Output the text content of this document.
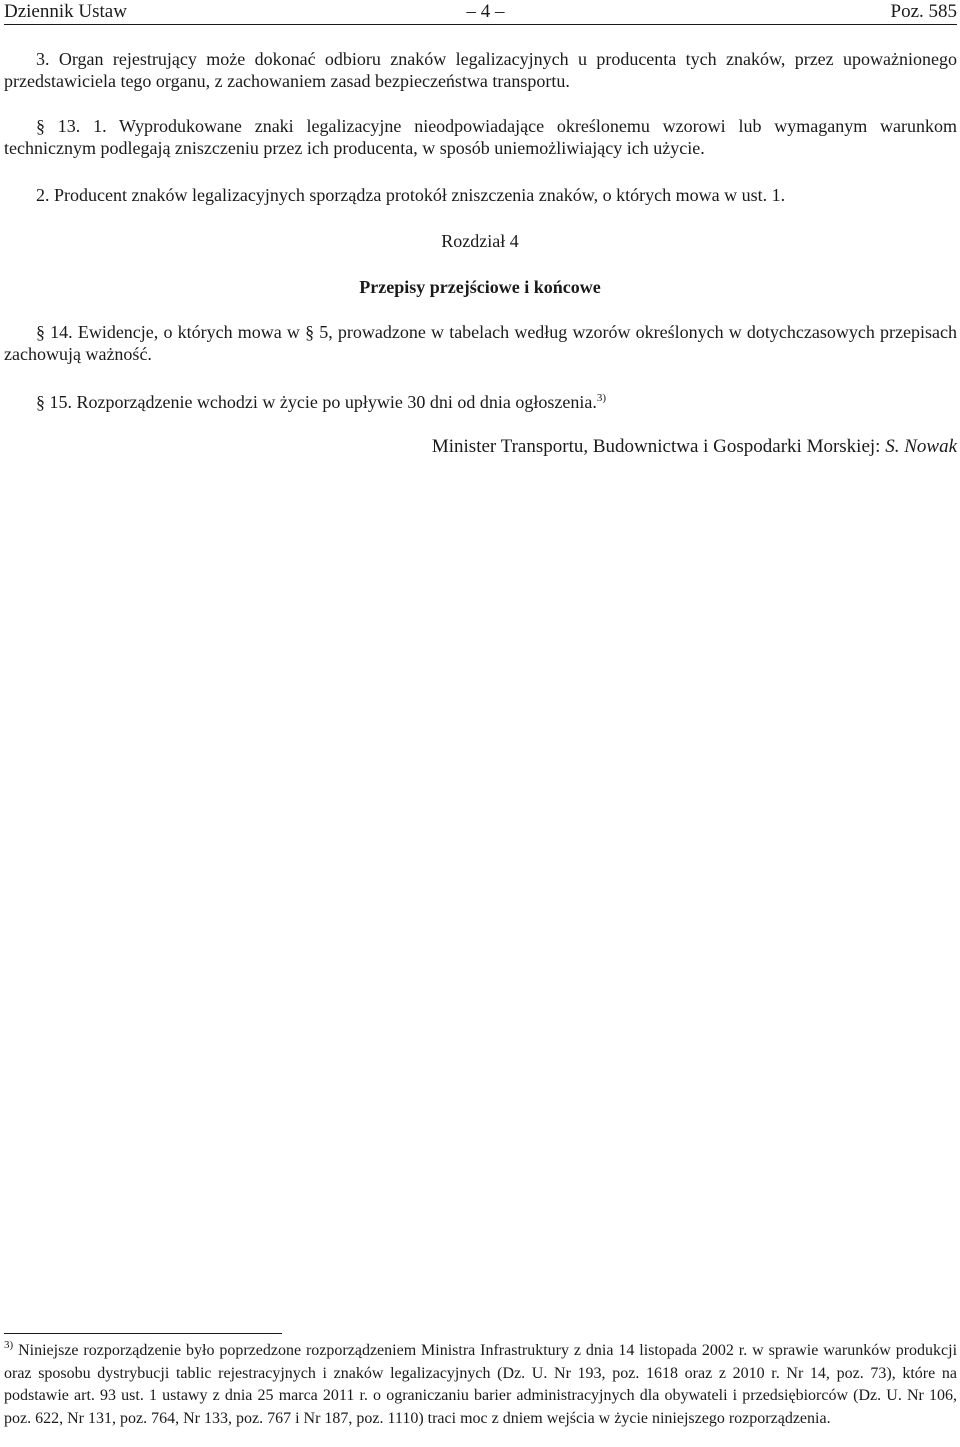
Dziennik Ustaw	– 4 –	Poz. 585

3. Organ rejestrujący może dokonać odbioru znaków legalizacyjnych u producenta tych znaków, przez upoważnionego przedstawiciela tego organu, z zachowaniem zasad bezpieczeństwa transportu.

§ 13. 1. Wyprodukowane znaki legalizacyjne nieodpowiadające określonemu wzorowi lub wymaganym warunkom technicznym podlegają zniszczeniu przez ich producenta, w sposób uniemożliwiający ich użycie.

2. Producent znaków legalizacyjnych sporządza protokół zniszczenia znaków, o których mowa w ust. 1.

Rozdział 4

Przepisy przejściowe i końcowe

§ 14. Ewidencje, o których mowa w § 5, prowadzone w tabelach według wzorów określonych w dotychczasowych przepisach zachowują ważność.

§ 15. Rozporządzenie wchodzi w życie po upływie 30 dni od dnia ogłoszenia.$^{3)}$

Minister Transportu, Budownictwa i Gospodarki Morskiej: S. Nowak

$^{3)}$ Niniejsze rozporządzenie było poprzedzone rozporządzeniem Ministra Infrastruktury z dnia 14 listopada 2002 r. w sprawie warunków produkcji oraz sposobu dystrybucji tablic rejestracyjnych i znaków legalizacyjnych (Dz. U. Nr 193, poz. 1618 oraz z 2010 r. Nr 14, poz. 73), które na podstawie art. 93 ust. 1 ustawy z dnia 25 marca 2011 r. o ograniczaniu barier administracyjnych dla obywateli i przedsiębiorców (Dz. U. Nr 106, poz. 622, Nr 131, poz. 764, Nr 133, poz. 767 i Nr 187, poz. 1110) traci moc z dniem wejścia w życie niniejszego rozporządzenia.
